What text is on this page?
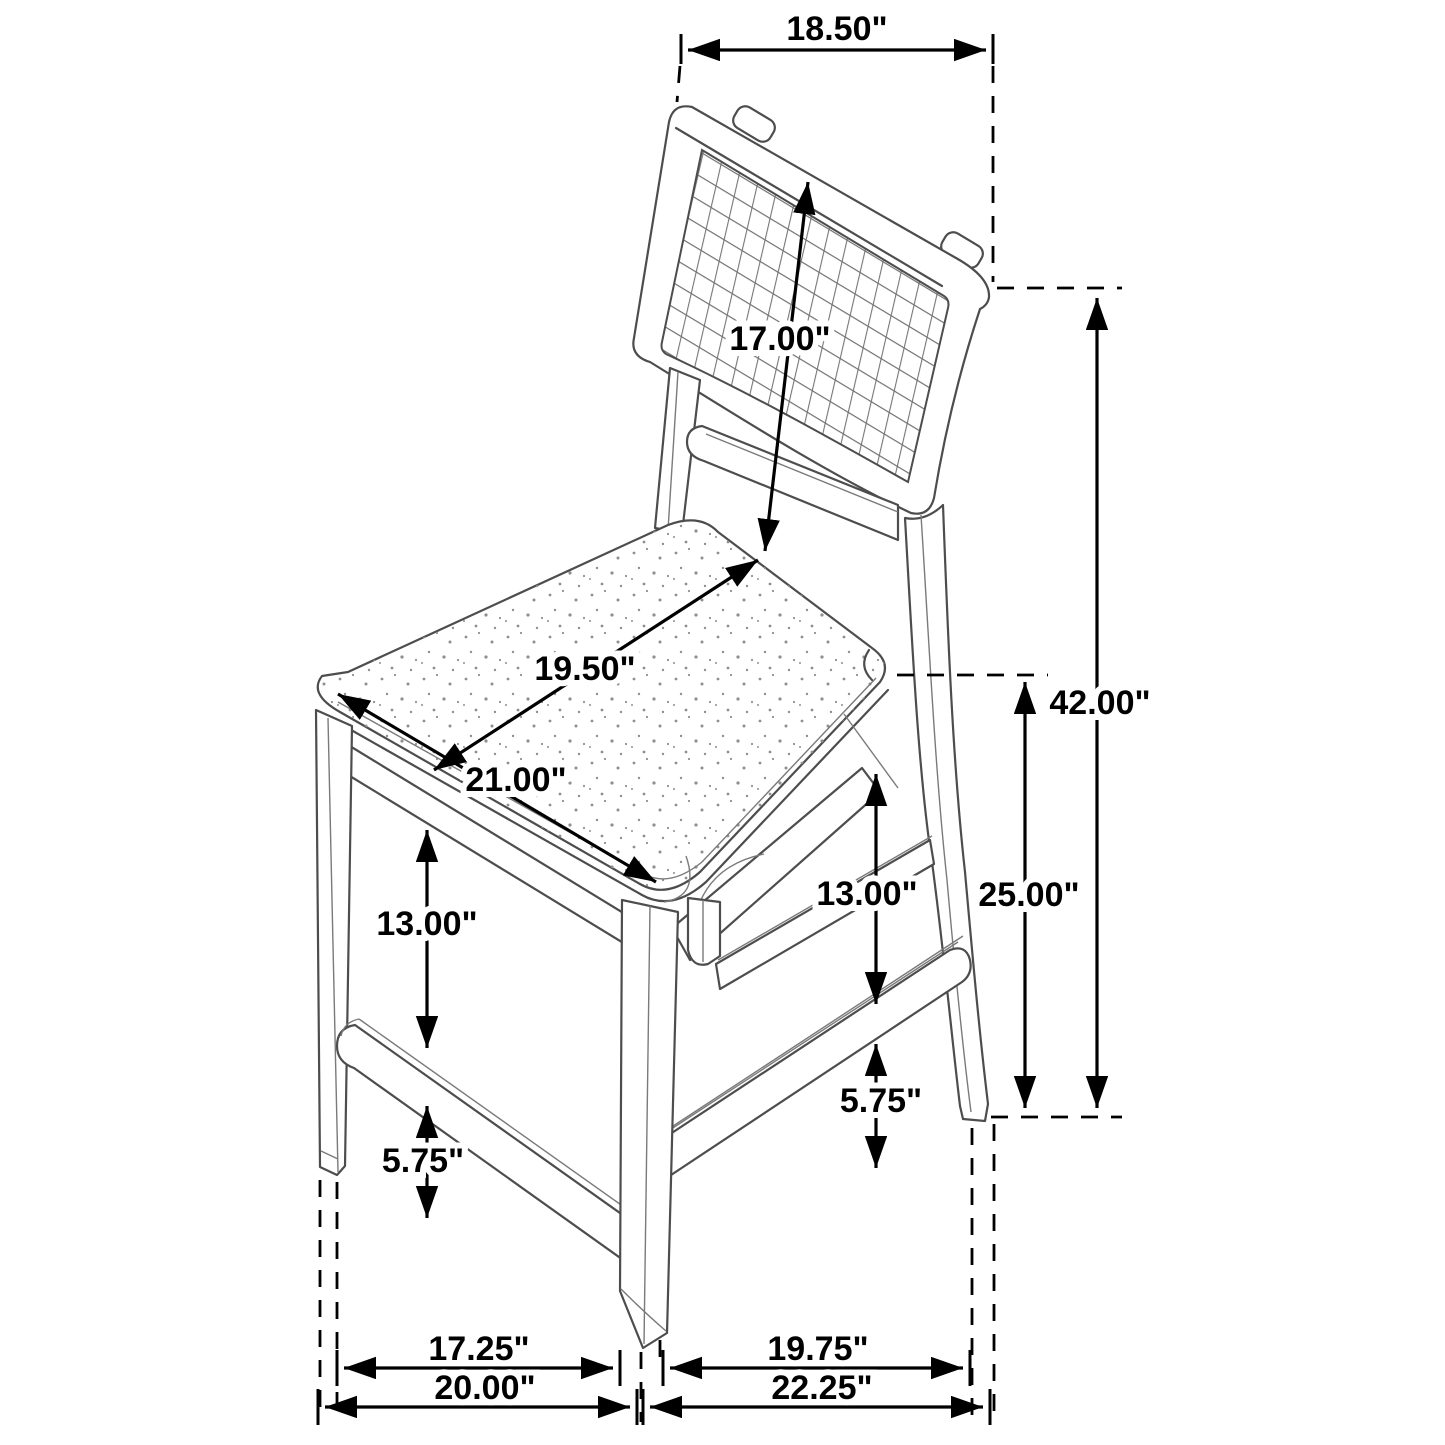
18.50"
17.00"
19.50"
21.00"
42.00"
25.00"
13.00"
13.00"
5.75"
5.75"
17.25"	19.75"
20.00"	22.25"
